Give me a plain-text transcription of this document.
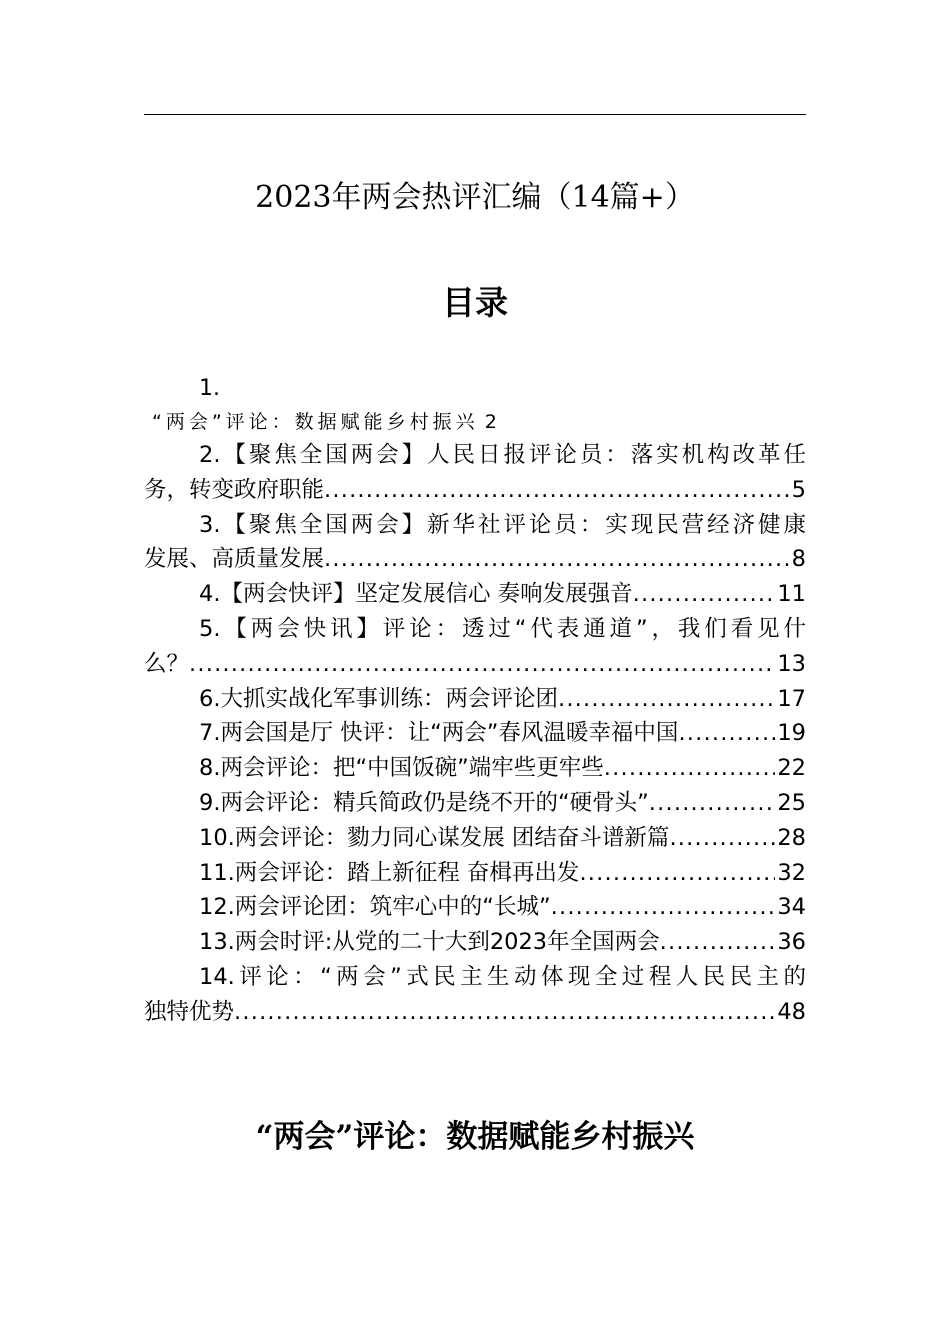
2023年两会热评汇编（14篇+）
目录
1.
“两会”评论：数据赋能乡村振兴 2
2.【聚焦全国两会】人民日报评论员：落实机构改革任
务，转变政府职能 .....	5
3.【聚焦全国两会】新华社评论员：实现民营经济健康
发展、高质量发展 .....	8
4.【两会快评】坚定发展信心 奏响发展强音 .....	11
5.【两会快讯】评论：透过“代表通道”，我们看见什
么？ .....	13
6.大抓实战化军事训练：两会评论团 .....	17
7.两会国是厅 快评：让“两会”春风温暖幸福中国 .....	19
8.两会评论：把“中国饭碗”端牢些更牢些 .....	22
9.两会评论：精兵简政仍是绕不开的“硬骨头” .....	25
10.两会评论：勠力同心谋发展 团结奋斗谱新篇 .....	28
11.两会评论：踏上新征程 奋楫再出发 .....	32
12.两会评论团：筑牢心中的“长城” .....	34
13.两会时评:从党的二十大到2023年全国两会 .....	36
14.评论：“两会”式民主生动体现全过程人民民主的
独特优势 .....	48
“两会”评论：数据赋能乡村振兴
